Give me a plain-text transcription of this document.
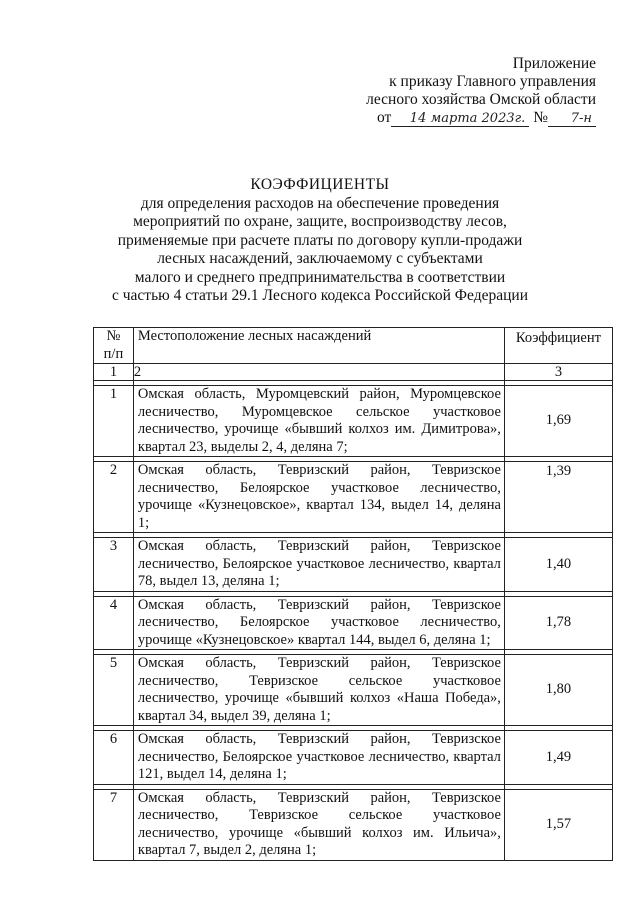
Приложение
к приказу Главного управления
лесного хозяйства Омской области
от 14 марта 2023г. № 7-н
КОЭФФИЦИЕНТЫ
для определения расходов на обеспечение проведения
мероприятий по охране, защите, воспроизводству лесов,
применяемые при расчете платы по договору купли-продажи
лесных насаждений, заключаемому с субъектами
малого и среднего предпринимательства в соответствии
с частью 4 статьи 29.1 Лесного кодекса Российской Федерации
№
п/п	Местоположение лесных насаждений	Коэффициент
1	2	3

1	Омская область, Муромцевский район, Муромцевское лесничество, Муромцевское сельское участковое лесничество, урочище «бывший колхоз им. Димитрова», квартал 23, выделы 2, 4, деляна 7;	1,69

2	Омская область, Тевризский район, Тевризское лесничество, Белоярское участковое лесничество, урочище «Кузнецовское», квартал 134, выдел 14, деляна 1;	1,39

3	Омская область, Тевризский район, Тевризское лесничество, Белоярское участковое лесничество, квартал 78, выдел 13, деляна 1;	1,40

4	Омская область, Тевризский район, Тевризское лесничество, Белоярское участковое лесничество, урочище «Кузнецовское» квартал 144, выдел 6, деляна 1;	1,78

5	Омская область, Тевризский район, Тевризское лесничество, Тевризское сельское участковое лесничество, урочище «бывший колхоз «Наша Победа», квартал 34, выдел 39, деляна 1;	1,80

6	Омская область, Тевризский район, Тевризское лесничество, Белоярское участковое лесничество, квартал 121, выдел 14, деляна 1;	1,49

7	Омская область, Тевризский район, Тевризское лесничество, Тевризское сельское участковое лесничество, урочище «бывший колхоз им. Ильича», квартал 7, выдел 2, деляна 1;	1,57
